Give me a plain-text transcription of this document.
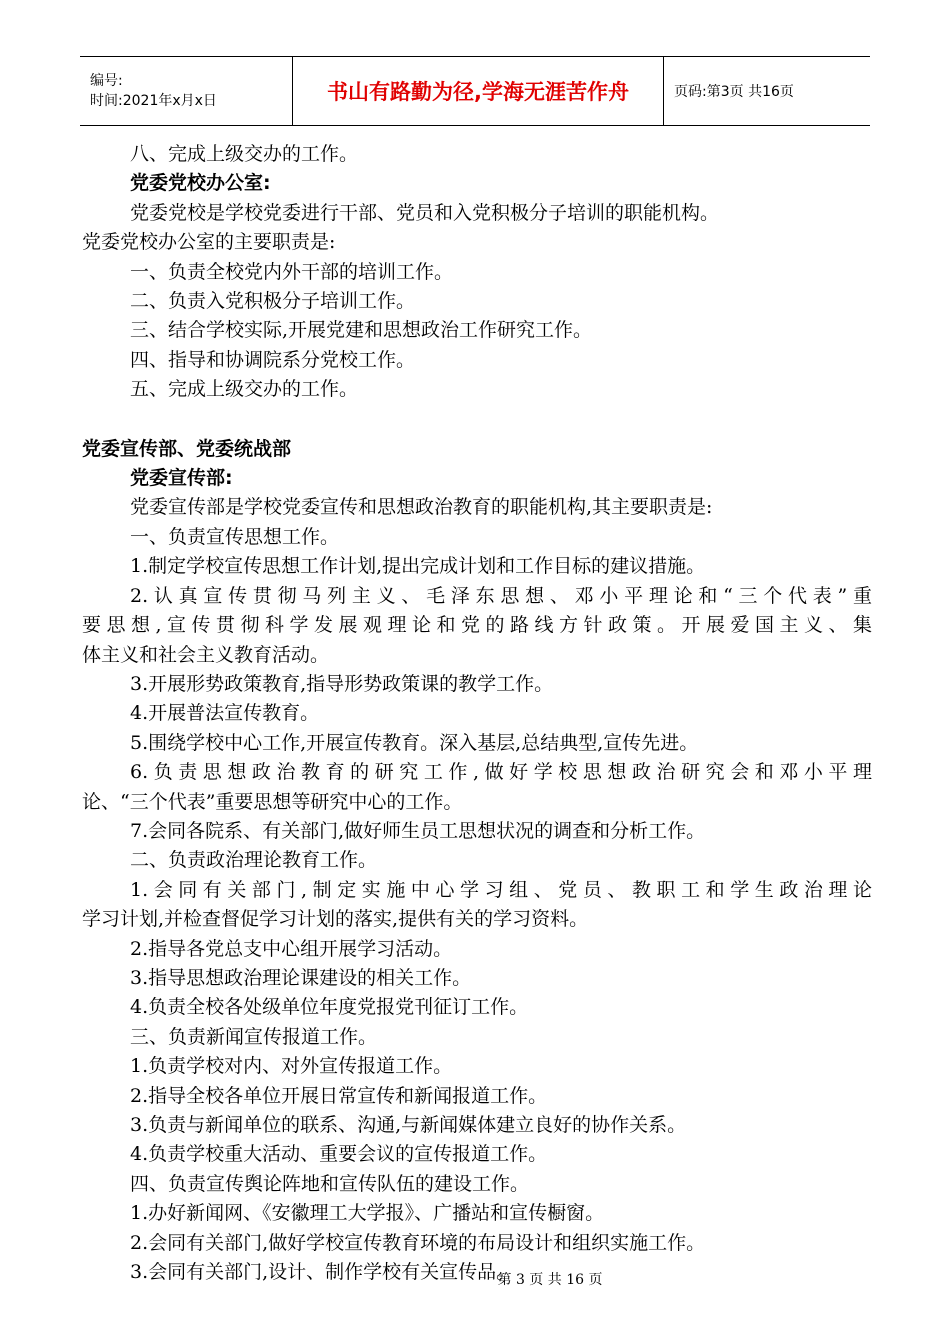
编号:
时间:2021年x月x日	书山有路勤为径,学海无涯苦作舟	页码:第3页 共16页
八、完成上级交办的工作。
党委党校办公室:
党委党校是学校党委进行干部、党员和入党积极分子培训的职能机构。
党委党校办公室的主要职责是:
一、负责全校党内外干部的培训工作。
二、负责入党积极分子培训工作。
三、结合学校实际,开展党建和思想政治工作研究工作。
四、指导和协调院系分党校工作。
五、完成上级交办的工作。
党委宣传部、党委统战部
党委宣传部:
党委宣传部是学校党委宣传和思想政治教育的职能机构,其主要职责是:
一、负责宣传思想工作。
1.制定学校宣传思想工作计划,提出完成计划和工作目标的建议措施。
2.认真宣传贯彻马列主义、毛泽东思想、邓小平理论和“三个代表”重
要思想,宣传贯彻科学发展观理论和党的路线方针政策。开展爱国主义、集
体主义和社会主义教育活动。
3.开展形势政策教育,指导形势政策课的教学工作。
4.开展普法宣传教育。
5.围绕学校中心工作,开展宣传教育。深入基层,总结典型,宣传先进。
6.负责思想政治教育的研究工作,做好学校思想政治研究会和邓小平理
论、“三个代表”重要思想等研究中心的工作。
7.会同各院系、有关部门,做好师生员工思想状况的调查和分析工作。
二、负责政治理论教育工作。
1.会同有关部门,制定实施中心学习组、党员、教职工和学生政治理论
学习计划,并检查督促学习计划的落实,提供有关的学习资料。
2.指导各党总支中心组开展学习活动。
3.指导思想政治理论课建设的相关工作。
4.负责全校各处级单位年度党报党刊征订工作。
三、负责新闻宣传报道工作。
1.负责学校对内、对外宣传报道工作。
2.指导全校各单位开展日常宣传和新闻报道工作。
3.负责与新闻单位的联系、沟通,与新闻媒体建立良好的协作关系。
4.负责学校重大活动、重要会议的宣传报道工作。
四、负责宣传舆论阵地和宣传队伍的建设工作。
1.办好新闻网、《安徽理工大学报》、广播站和宣传橱窗。
2.会同有关部门,做好学校宣传教育环境的布局设计和组织实施工作。
3.会同有关部门,设计、制作学校有关宣传品。
第 3 页 共 16 页
